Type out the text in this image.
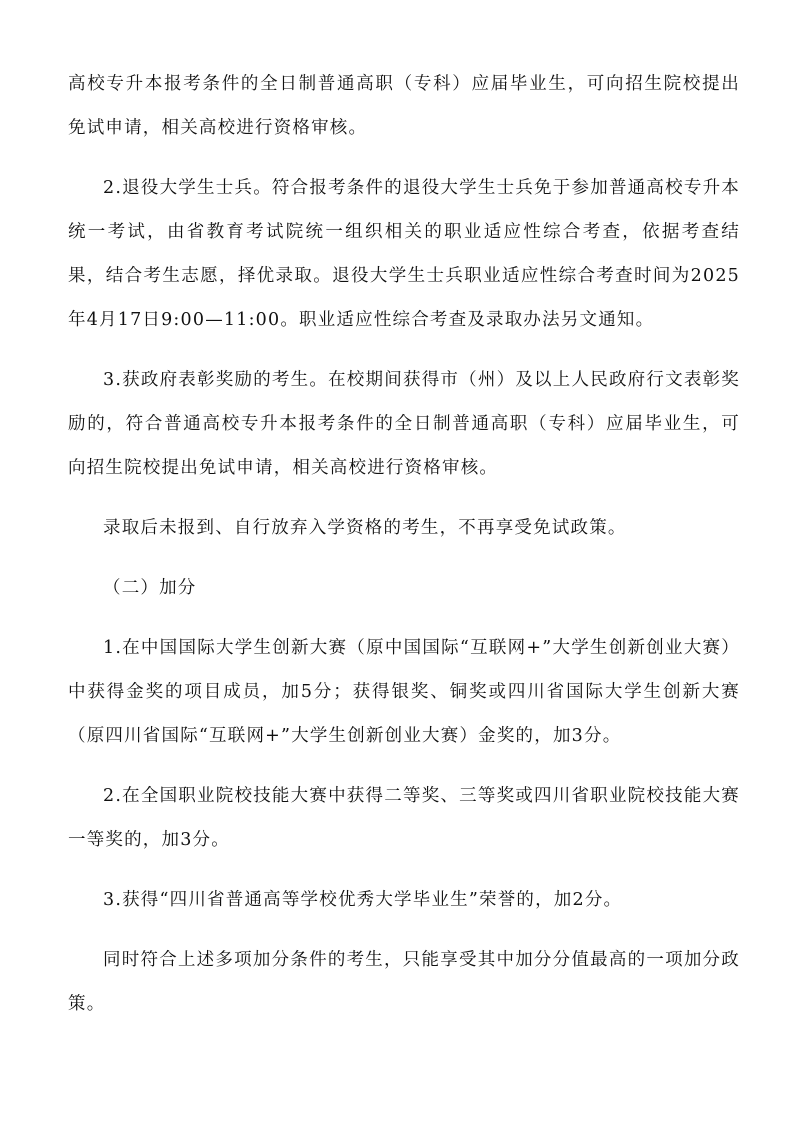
高校专升本报考条件的全日制普通高职（专科）应届毕业生，可向招生院校提出免试申请，相关高校进行资格审核。

2.退役大学生士兵。符合报考条件的退役大学生士兵免于参加普通高校专升本统一考试，由省教育考试院统一组织相关的职业适应性综合考查，依据考查结果，结合考生志愿，择优录取。退役大学生士兵职业适应性综合考查时间为2025年4月17日9:00—11:00。职业适应性综合考查及录取办法另文通知。

3.获政府表彰奖励的考生。在校期间获得市（州）及以上人民政府行文表彰奖励的，符合普通高校专升本报考条件的全日制普通高职（专科）应届毕业生，可向招生院校提出免试申请，相关高校进行资格审核。

录取后未报到、自行放弃入学资格的考生，不再享受免试政策。

（二）加分

1.在中国国际大学生创新大赛（原中国国际“互联网+”大学生创新创业大赛）中获得金奖的项目成员，加5分；获得银奖、铜奖或四川省国际大学生创新大赛（原四川省国际“互联网+”大学生创新创业大赛）金奖的，加3分。

2.在全国职业院校技能大赛中获得二等奖、三等奖或四川省职业院校技能大赛一等奖的，加3分。

3.获得“四川省普通高等学校优秀大学毕业生”荣誉的，加2分。

同时符合上述多项加分条件的考生，只能享受其中加分分值最高的一项加分政策。
